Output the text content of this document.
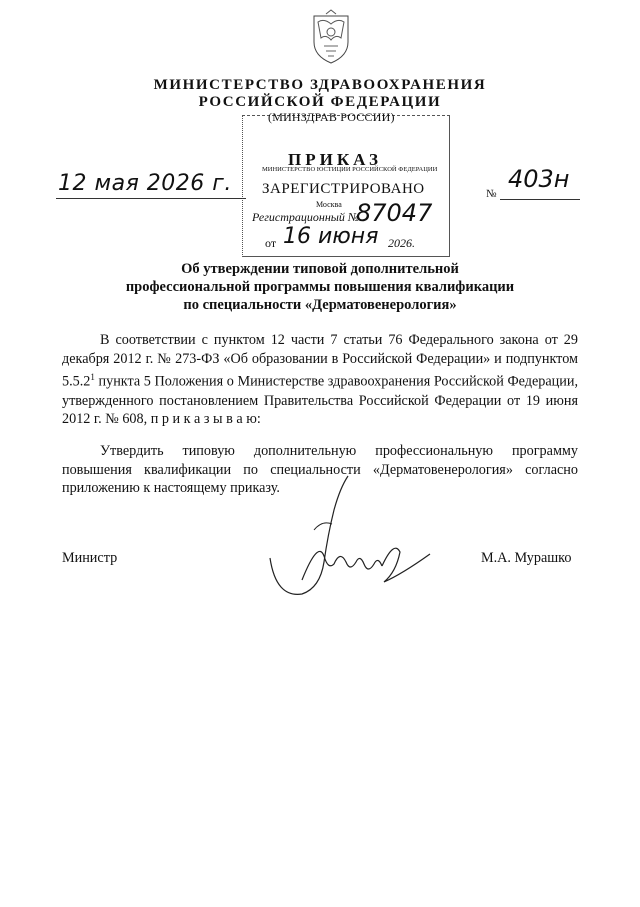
МИНИСТЕРСТВО ЗДРАВООХРАНЕНИЯ
РОССИЙСКОЙ ФЕДЕРАЦИИ
(МИНЗДРАВ РОССИИ)
ПРИКАЗ
МИНИСТЕРСТВО ЮСТИЦИИ РОССИЙСКОЙ ФЕДЕРАЦИИ
ЗАРЕГИСТРИРОВАНО
Москва
Регистрационный №
87047
от 16 июня 2026.
12 мая 2026 г.	№
403н
Об утверждении типовой дополнительной
профессиональной программы повышения квалификации
по специальности «Дерматовенерология»

В соответствии с пунктом 12 части 7 статьи 76 Федерального закона от 29 декабря 2012 г. № 273-ФЗ «Об образовании в Российской Федерации» и подпунктом 5.5.2$^1$ пункта 5 Положения о Министерстве здравоохранения Российской Федерации, утвержденного постановлением Правительства Российской Федерации от 19 июня 2012 г. № 608, п р и к а з ы в а ю:

Утвердить типовую дополнительную профессиональную программу повышения квалификации по специальности «Дерматовенерология» согласно приложению к настоящему приказу.

Министр	М.А. Мурашко
